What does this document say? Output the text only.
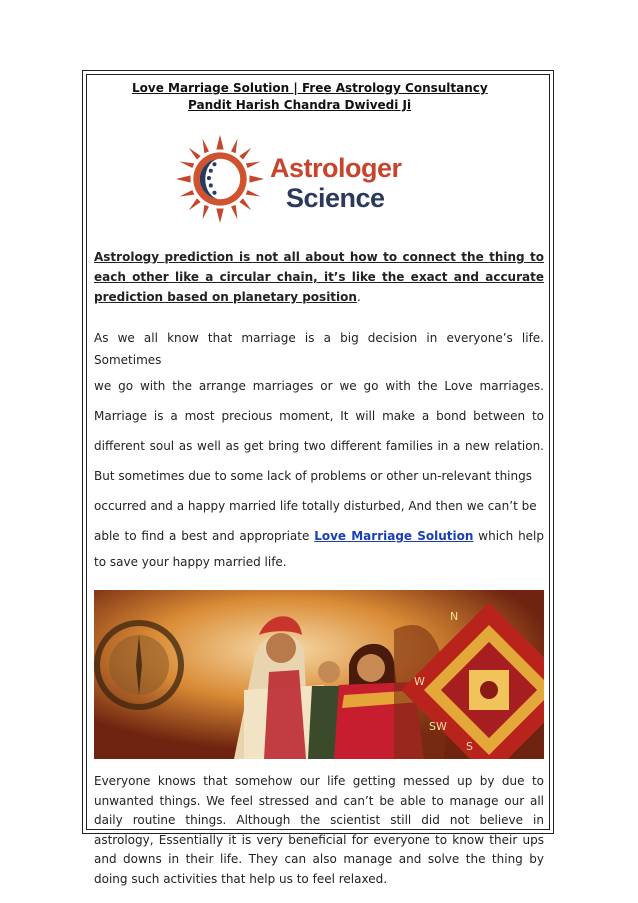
Love Marriage Solution | Free Astrology Consultancy
Pandit Harish Chandra Dwivedi Ji
Astrologer
Science
Astrology prediction is not all about how to connect the thing to each other like a circular chain, it’s like the exact and accurate prediction based on planetary position.

As we all know that marriage is a big decision in everyone’s life. Sometimes
we go with the arrange marriages or we go with the Love marriages. Marriage is a most precious moment, It will make a bond between to different soul as well as get bring two different families in a new relation. But sometimes due to some lack of problems or other un-relevant things
occurred and a happy married life totally disturbed, And then we can’t be
able to find a best and appropriate Love Marriage Solution which help to save your happy married life.

N
W
SW
S

Everyone knows that somehow our life getting messed up by due to unwanted things. We feel stressed and can’t be able to manage our all daily routine things. Although the scientist still did not believe in astrology, Essentially it is very beneficial for everyone to know their ups and downs in their life. They can also manage and solve the thing by doing such activities that help us to feel relaxed.
